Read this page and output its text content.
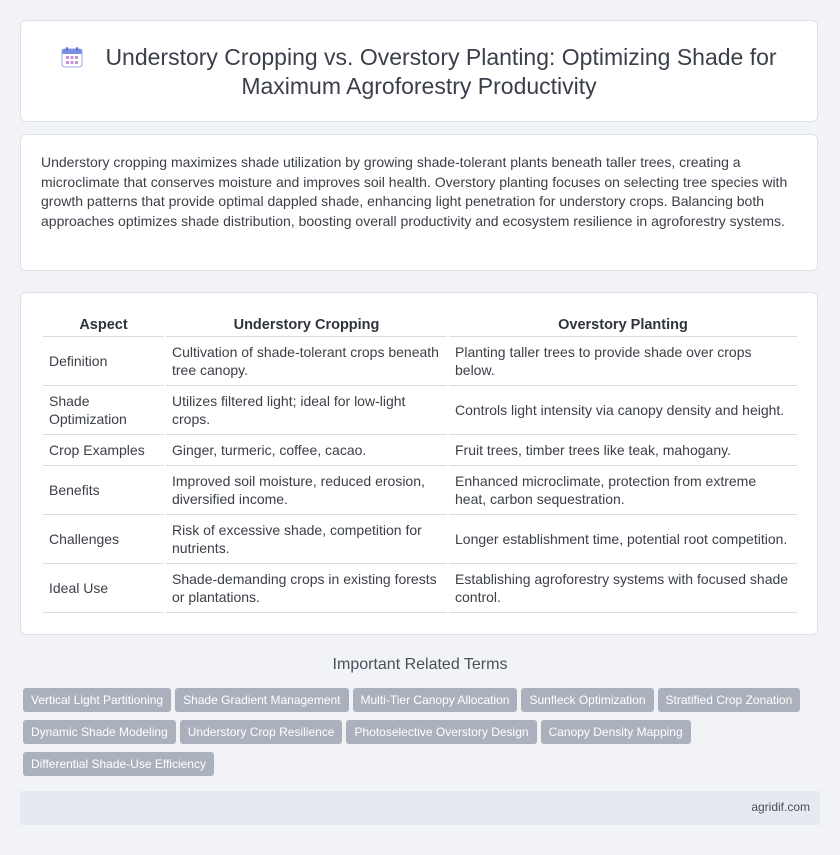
Understory Cropping vs. Overstory Planting: Optimizing Shade for
Maximum Agroforestry Productivity
Understory cropping maximizes shade utilization by growing shade-tolerant plants beneath taller trees, creating a microclimate that conserves moisture and improves soil health. Overstory planting focuses on selecting tree species with growth patterns that provide optimal dappled shade, enhancing light penetration for understory crops. Balancing both approaches optimizes shade distribution, boosting overall productivity and ecosystem resilience in agroforestry systems.
Aspect		Understory Cropping		Overstory Planting
Definition		Cultivation of shade-tolerant crops beneath tree canopy.		Planting taller trees to provide shade over crops below.
Shade Optimization		Utilizes filtered light; ideal for low-light crops.		Controls light intensity via canopy density and height.
Crop Examples		Ginger, turmeric, coffee, cacao.		Fruit trees, timber trees like teak, mahogany.
Benefits		Improved soil moisture, reduced erosion, diversified income.		Enhanced microclimate, protection from extreme heat, carbon sequestration.
Challenges		Risk of excessive shade, competition for nutrients.		Longer establishment time, potential root competition.
Ideal Use		Shade-demanding crops in existing forests or plantations.		Establishing agroforestry systems with focused shade control.
Important Related Terms
Vertical Light Partitioning Shade Gradient Management Multi-Tier Canopy Allocation Sunfleck Optimization Stratified Crop Zonation
Dynamic Shade Modeling Understory Crop Resilience Photoselective Overstory Design Canopy Density Mapping
Differential Shade-Use Efficiency
agridif.com
